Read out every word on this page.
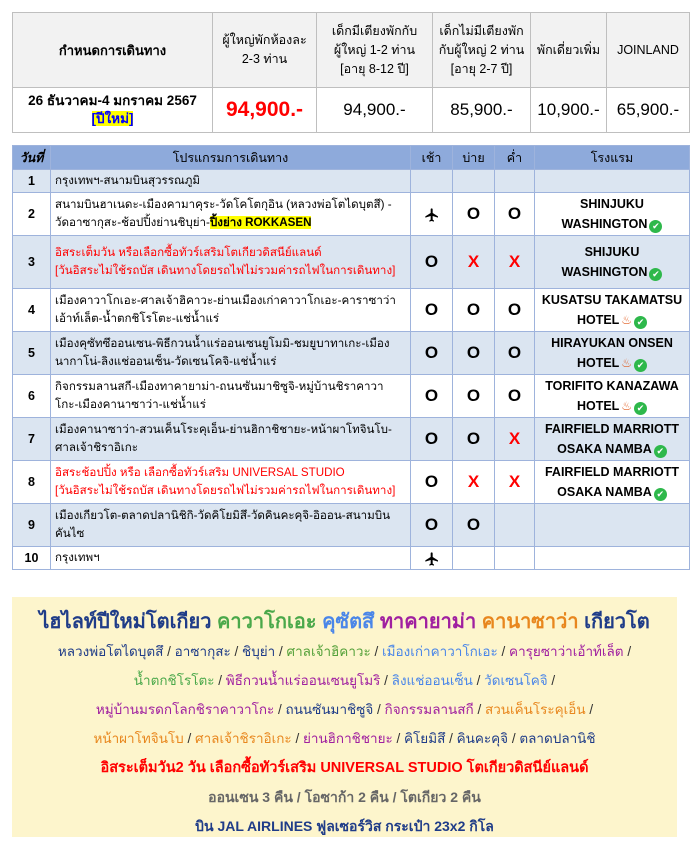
กำหนดการเดินทาง	ผู้ใหญ่พักห้องละ
2-3 ท่าน	เด็กมีเตียงพักกับ
ผู้ใหญ่ 1-2 ท่าน
[อายุ 8-12 ปี]	เด็กไม่มีเตียงพัก
กับผู้ใหญ่ 2 ท่าน
[อายุ 2-7 ปี]	พักเดี่ยวเพิ่ม	JOINLAND
26 ธันวาคม-4 มกราคม 2567
[ปีใหม่]	94,900.-	94,900.-	85,900.-	10,900.-	65,900.-
วันที่	โปรแกรมการเดินทาง	เช้า	บ่าย	ค่ำ	โรงแรม
1	กรุงเทพฯ-สนามบินสุวรรณภูมิ				
2	สนามบินฮาเนดะ-เมืองคามาคุระ-วัดโคโตกุอิน (หลวงพ่อโตไดบุตสึ) -
วัดอาซากุสะ-ช้อปปิ้งย่านชิบุย่า-ปิ้งย่าง ROKKASEN		O	O	SHINJUKU
WASHINGTON ✔
3	อิสระเต็มวัน หรือเลือกซื้อทัวร์เสริมโตเกียวดิสนีย์แลนด์
[วันอิสระไม่ใช้รถบัส เดินทางโดยรถไฟไม่รวมค่ารถไฟในการเดินทาง]	O	X	X	SHIJUKU
WASHINGTON ✔
4	เมืองคาวาโกเอะ-ศาลเจ้าฮิคาวะ-ย่านเมืองเก่าคาวาโกเอะ-คาราซาว่า
เอ้าท์เล็ต-น้ำตกชิโรโตะ-แช่น้ำแร่	O	O	O	KUSATSU TAKAMATSU
HOTEL ♨ ✔
5	เมืองคุซัทซึออนเซน-พิธีกวนน้ำแร่ออนเซนยูโมมิ-ชมยูบาทาเกะ-เมือง
นากาโน่-ลิงแช่ออนเซ็น-วัดเซนโคจิ-แช่น้ำแร่	O	O	O	HIRAYUKAN ONSEN
HOTEL ♨ ✔
6	กิจกรรมลานสกี-เมืองทาคายาม่า-ถนนซันมาชิซูจิ-หมู่บ้านชิราคาวา
โกะ-เมืองคานาซาว่า-แช่น้ำแร่	O	O	O	TORIFITO KANAZAWA
HOTEL ♨ ✔
7	เมืองคานาซาว่า-สวนเค็นโระคุเอ็น-ย่านฮิกาชิชายะ-หน้าผาโทจินโบ-
ศาลเจ้าชิราอิเกะ	O	O	X	FAIRFIELD MARRIOTT
OSAKA NAMBA ✔
8	อิสระช้อปปิ้ง หรือ เลือกซื้อทัวร์เสริม UNIVERSAL STUDIO
[วันอิสระไม่ใช้รถบัส เดินทางโดยรถไฟไม่รวมค่ารถไฟในการเดินทาง]	O	X	X	FAIRFIELD MARRIOTT
OSAKA NAMBA ✔
9	เมืองเกียวโต-ตลาดปลานิชิกิ-วัดคิโยมิสึ-วัดคินคะคุจิ-อิออน-สนามบิน
คันไซ	O	O		
10	กรุงเทพฯ				
ไฮไลท์ปีใหม่โตเกียว คาวาโกเอะ คุซัตสึ ทาคายาม่า คานาซาว่า เกียวโต
หลวงพ่อโตไดบุตสึ / อาซากุสะ / ชิบุย่า / ศาลเจ้าฮิคาวะ / เมืองเก่าคาวาโกเอะ / คารุยซาว่าเอ้าท์เล็ต /
น้ำตกชิโรโตะ / พิธีกวนน้ำแร่ออนเซนยูโมริ / ลิงแช่ออนเซ็น / วัดเซนโคจิ /
หมู่บ้านมรดกโลกชิราคาวาโกะ / ถนนซันมาชิซูจิ / กิจกรรมลานสกี / สวนเค็นโระคุเอ็น /
หน้าผาโทจินโบ / ศาลเจ้าชิราอิเกะ / ย่านฮิกาชิชายะ / คิโยมิสึ / คินคะคุจิ / ตลาดปลานิชิ
อิสระเต็มวัน2 วัน เลือกซื้อทัวร์เสริม UNIVERSAL STUDIO โตเกียวดิสนีย์แลนด์
ออนเซน 3 คืน / โอซาก้า 2 คืน / โตเกียว 2 คืน
บิน JAL AIRLINES ฟูลเซอร์วิส กระเป๋า 23x2 กิโล
